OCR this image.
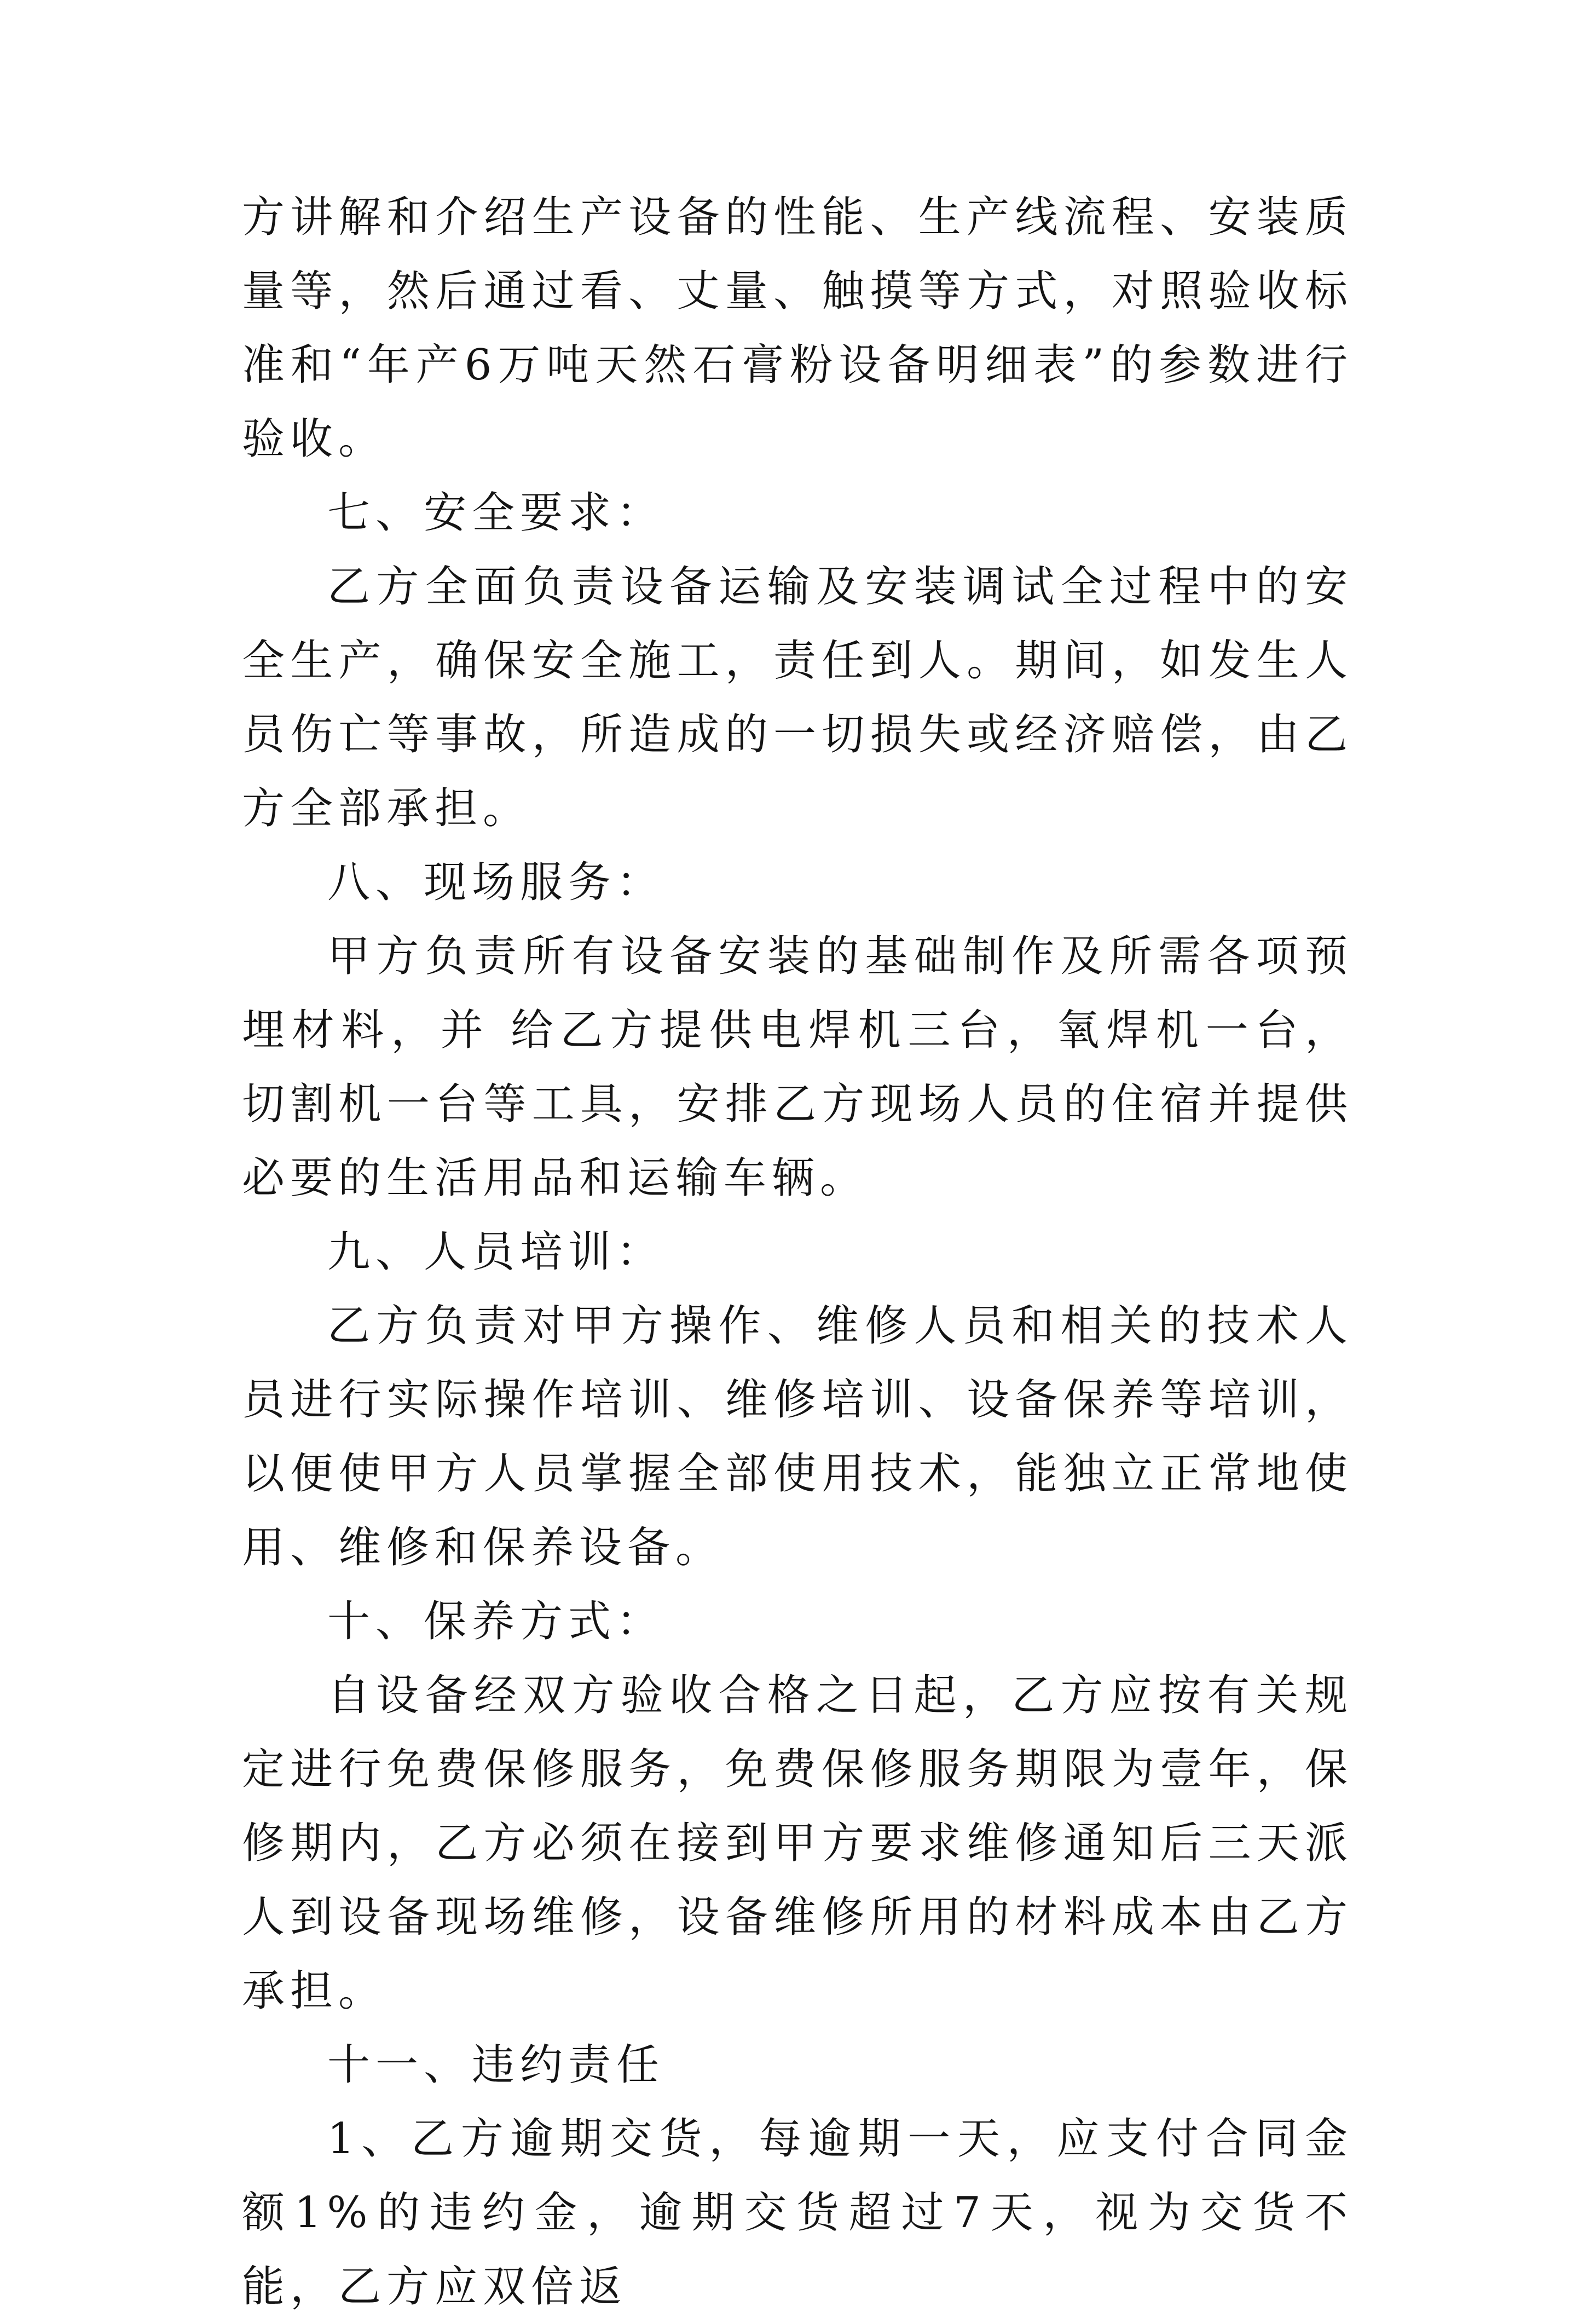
方讲解和介绍生产设备的性能、生产线流程、安装质量等，然后通过看、丈量、触摸等方式，对照验收标准和“年产6万吨天然石膏粉设备明细表”的参数进行验收。

七、安全要求：

乙方全面负责设备运输及安装调试全过程中的安全生产，确保安全施工，责任到人。期间，如发生人员伤亡等事故，所造成的一切损失或经济赔偿，由乙方全部承担。

八、现场服务：

甲方负责所有设备安装的基础制作及所需各项预埋材料，并 给乙方提供电焊机三台，氧焊机一台，切割机一台等工具，安排乙方现场人员的住宿并提供必要的生活用品和运输车辆。

九、人员培训：

乙方负责对甲方操作、维修人员和相关的技术人员进行实际操作培训、维修培训、设备保养等培训，以便使甲方人员掌握全部使用技术，能独立正常地使用、维修和保养设备。

十、保养方式：

自设备经双方验收合格之日起，乙方应按有关规定进行免费保修服务，免费保修服务期限为壹年，保修期内，乙方必须在接到甲方要求维修通知后三天派人到设备现场维修，设备维修所用的材料成本由乙方承担。

十一、违约责任

1、乙方逾期交货，每逾期一天，应支付合同金额1%的违约金，逾期交货超过7天，视为交货不能，乙方应双倍返
